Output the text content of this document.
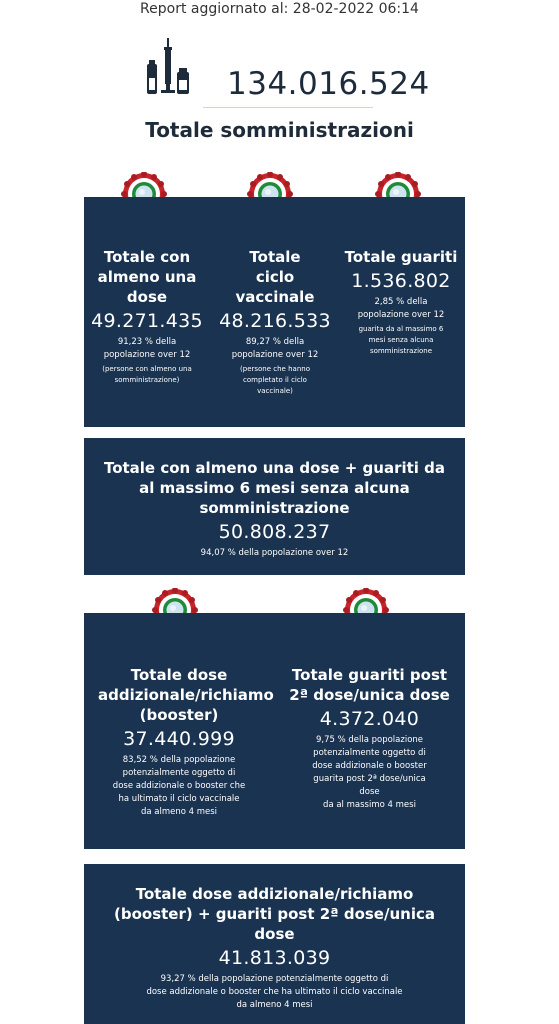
Report aggiornato al: 28-02-2022 06:14
134.016.524
Totale somministrazioni
Totale con almeno una dose
49.271.435
91,23 % della popolazione over 12
(persone con almeno una somministrazione)
Totale ciclo vaccinale
48.216.533
89,27 % della popolazione over 12
(persone che hanno completato il ciclo vaccinale)
Totale guariti
1.536.802
2,85 % della popolazione over 12
guarita da al massimo 6 mesi senza alcuna somministrazione
Totale con almeno una dose + guariti da al massimo 6 mesi senza alcuna somministrazione
50.808.237
94,07 % della popolazione over 12
Totale dose addizionale/richiamo (booster)
37.440.999
83,52 % della popolazione potenzialmente oggetto di
dose addizionale o booster che ha ultimato il ciclo vaccinale
da almeno 4 mesi
Totale guariti post 2ª dose/unica dose
4.372.040
9,75 % della popolazione potenzialmente oggetto di
dose addizionale o booster guarita post 2ª dose/unica dose
da al massimo 4 mesi
Totale dose addizionale/richiamo (booster) + guariti post 2ª dose/unica dose
41.813.039
93,27 % della popolazione potenzialmente oggetto di
dose addizionale o booster che ha ultimato il ciclo vaccinale
da almeno 4 mesi
